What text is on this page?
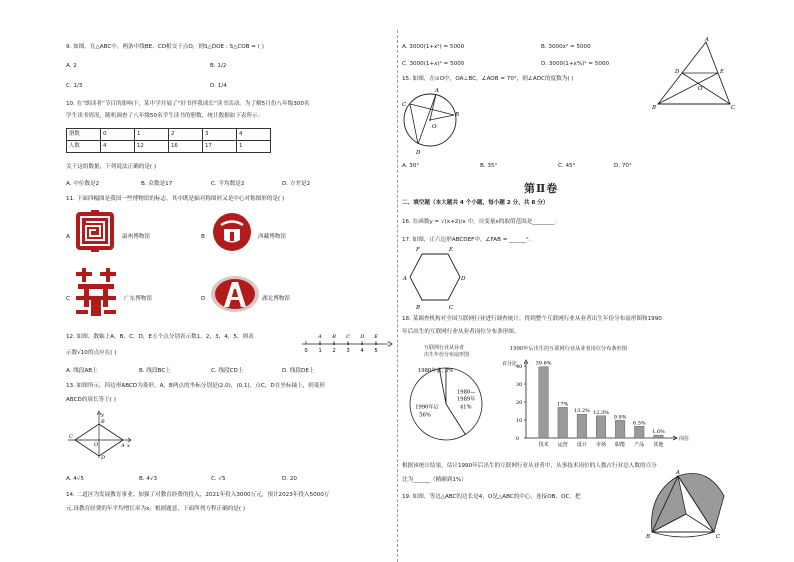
9. 如图，在△ABC中，两条中线BE、CD相交于点O，则S△DOE : S△COB = ( )
A. 2	B. 1/2
C. 1/3	D. 1/4
10. 在“朗读者”节目的影响下，某中学开展了“好书伴我成长”读书活动。为了解5月份八年级300名
学生读书情况，随机调查了八年级50名学生读书的册数，统计数据如下表所示：
册数	0	1	2	3	4
人数	4	12	16	17	1
关于这组数据，下列说法正确的是( )
A. 中位数是2	B. 众数是17	C. 平均数是2	D. 方差是2
11. 下面四幅图是我国一些博物馆的标志，其中既是轴对称图形又是中心对称图形的是( )
A	温州博物馆	B	西藏博物馆
C	广东博物馆	D	湖北博物馆
12. 如图，数轴上A，B，C，D，E五个点分别表示数1，2，3，4，5，则表
示数√10的点应在( )	0 1 2 3 4 5
A B C D E
A. 线段AB上	B. 线段BC上	C. 线段CD上	D. 线段DE上
13. 如图所示，四边形ABCD为菱形，A，B两点的坐标分别是(2,0)，(0,1)，点C，D在坐标轴上，则菱形
ABCD的周长等于( )
y
B
C
O	A x
D
A. 4√5	B. 4√3	C. √5	D. 20
14. 二道区为发展教育事业，加强了对教育经费的投入，2021年投入3000万元，预计2023年投入5000万
元.设教育经费的年平均增长率为x，根据题意，下面所列方程正确的是( )
A. 3000(1+x²) = 5000	B. 3000x² = 5000
C. 3000(1+x)² = 5000	D. 3000(1+x%)² = 5000
A
D	E
O
B	C
15. 如图，在⊙O中，OA⊥BC，∠AOB = 70°，则∠ADC的度数为( )
A
B
C
O
D
A. 30°	B. 35°	C. 45°	D. 70°
第Ⅱ卷
二、填空题（本大题共 4 个小题，每小题 2 分，共 8 分）
16. 在函数y = √(x+2)/x 中，自变量x的取值范围是________.
17. 如图，正六边形ABCDEF中，∠FAB = ______°.
A
B	C
D
E
F
18. 某调查机构对全国互联网行业进行调查统计，得到整个互联网行业从业者出生年份分布扇形图和1990
年后出生的互联网行业从业者岗位分布条形图。
互联网行业从业者
出生年份分布扇形图
1980年前, 3%
1980—
1989年
41%
1990年后
56%
1990年后出生的互联网行业从业者岗位分布条形图
百分比
岗位
0
10
20
30
40
39.6%
技术
17%
运营
13.2%
设计
12.3%
市场
9.8%
职能
6.5%
产品
1.6%
其他
根据该统计结果，估计1990年后出生的互联网行业从业者中，从事技术岗位的人数占行业总人数的百分
比为______（精确到1%）
19. 如图，等边△ABC的边长是4，O是△ABC的中心，连接OB，OC，把
A
B	C
